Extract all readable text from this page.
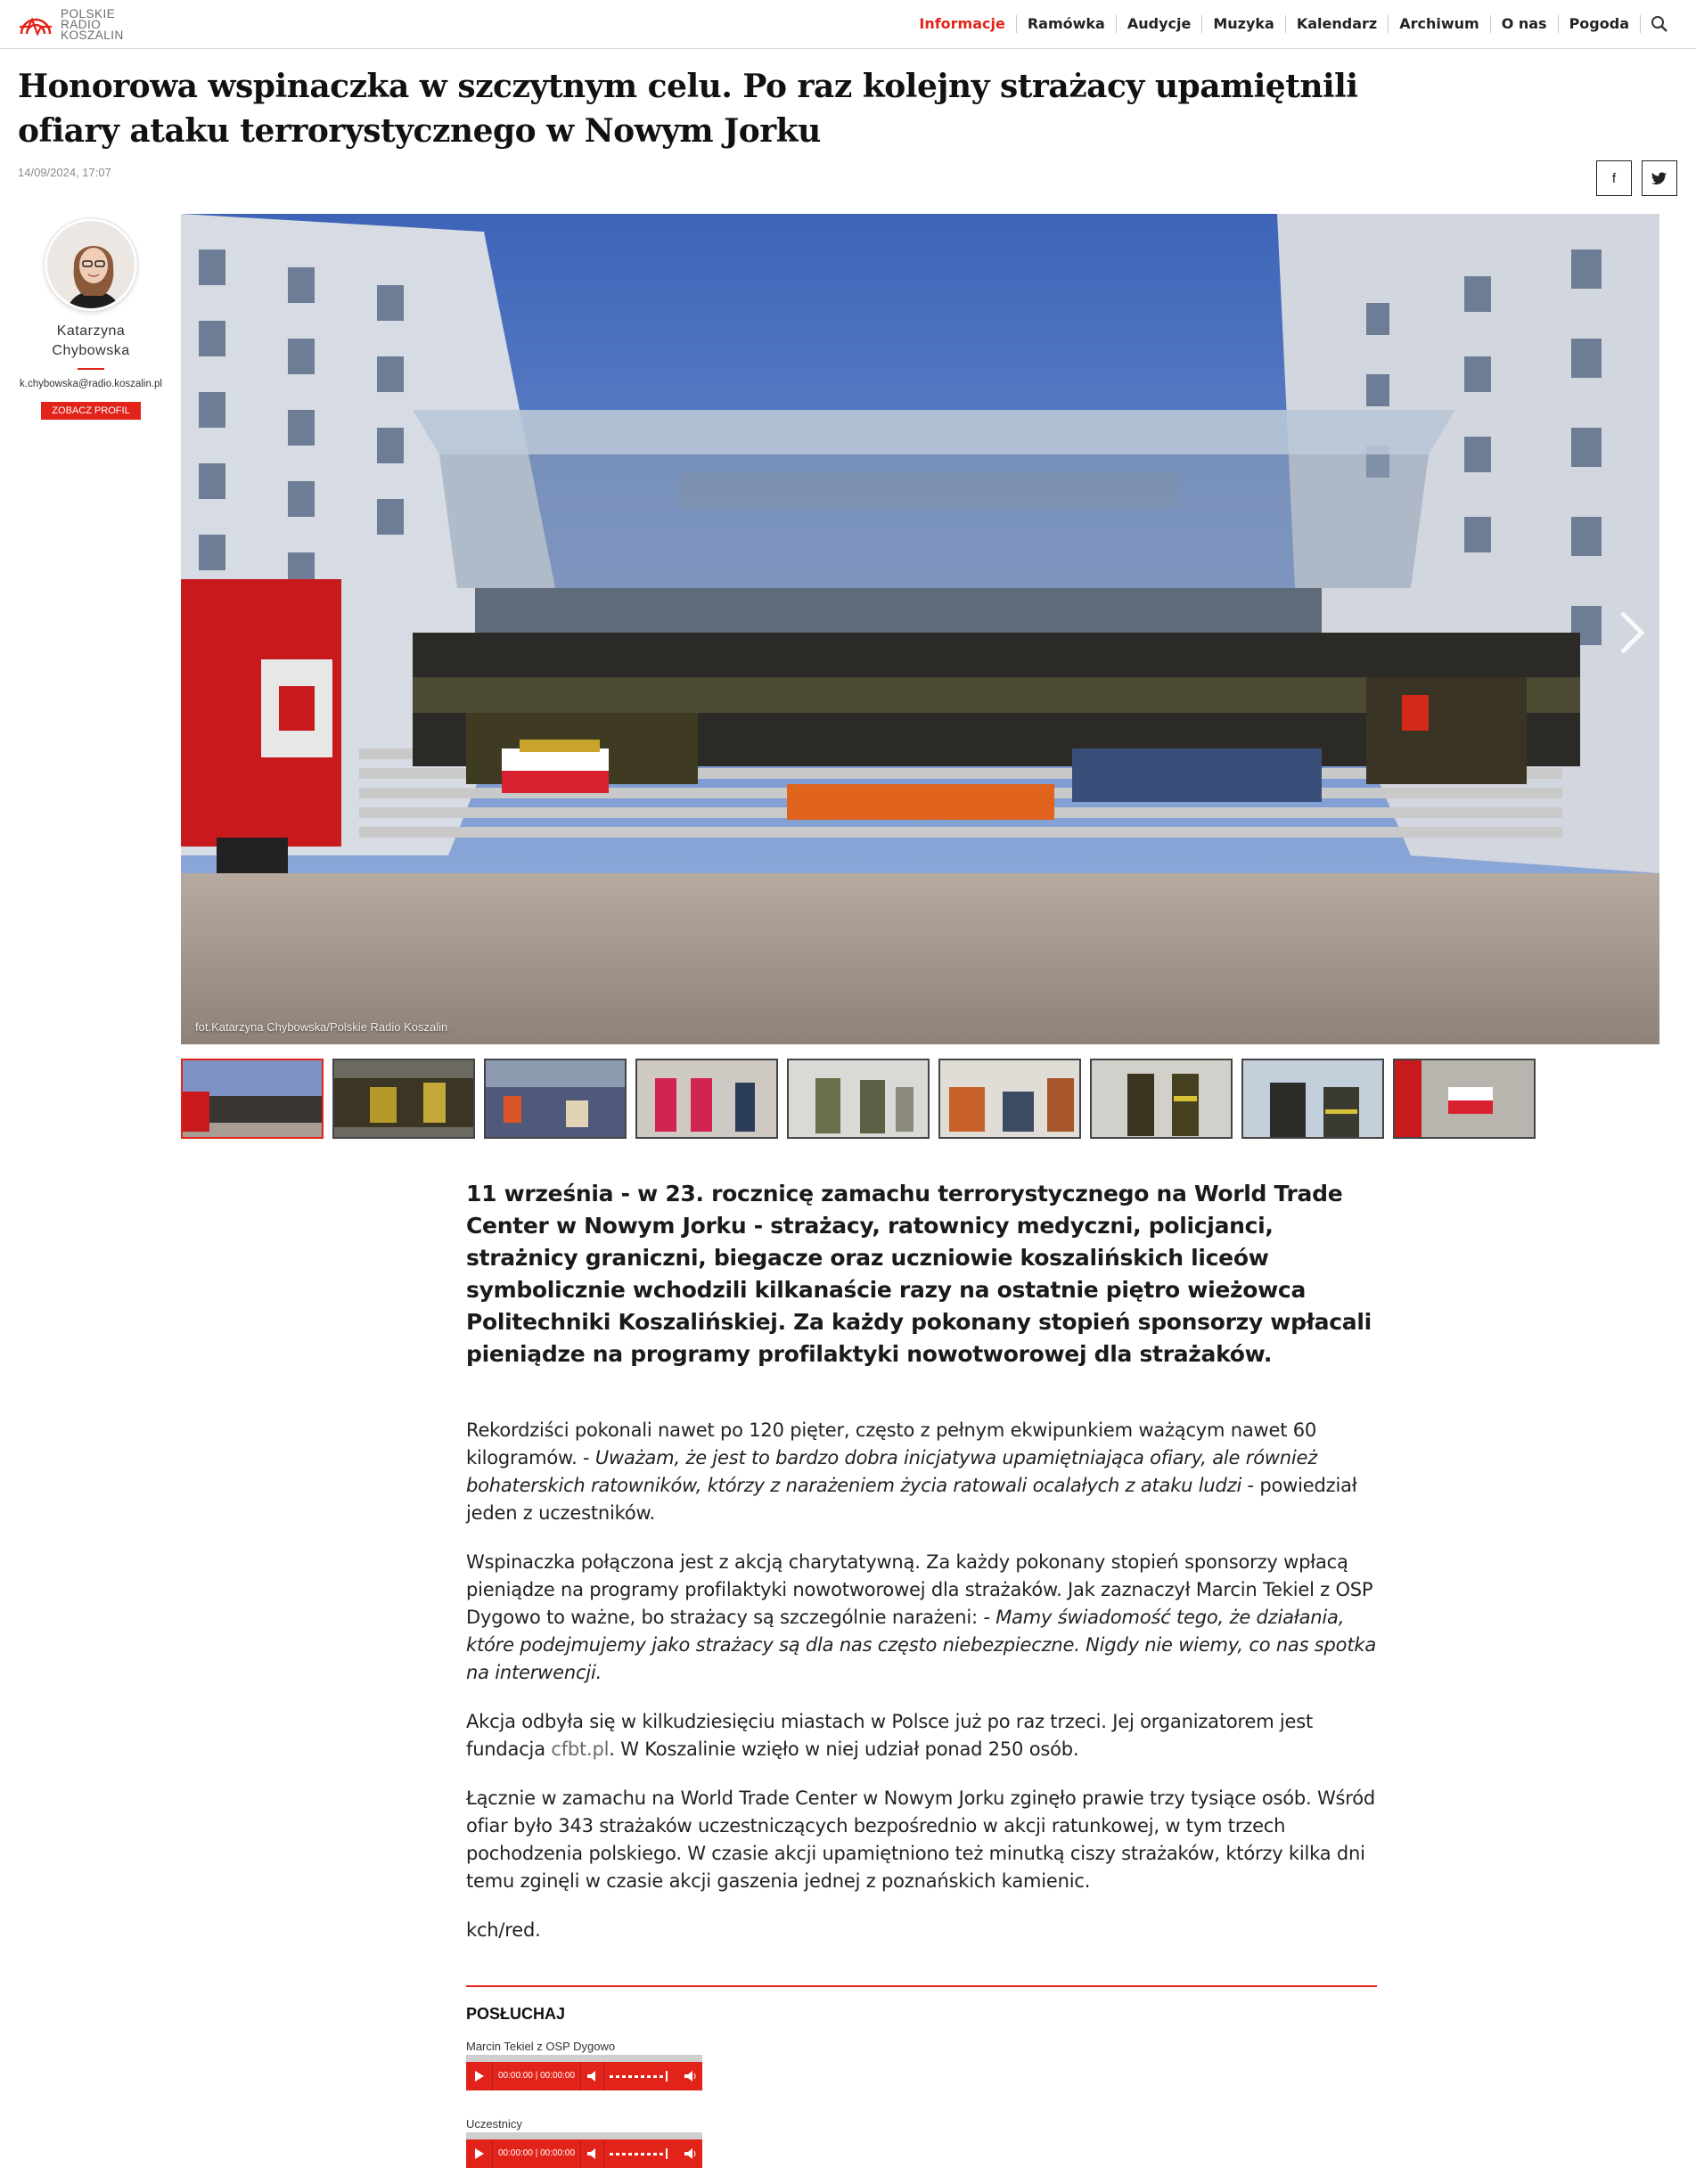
POLSKIE
RADIO
KOSZALIN
Informacje	Ramówka	Audycje	Muzyka	Kalendarz	Archiwum	O nas	Pogoda
Honorowa wspinaczka w szczytnym celu. Po raz kolejny strażacy upamiętnili ofiary ataku terrorystycznego w Nowym Jorku
14/09/2024, 17:07	f
Katarzyna
Chybowska
k.chybowska@radio.koszalin.pl
ZOBACZ PROFIL
fot.Katarzyna Chybowska/Polskie Radio Koszalin
11 września - w 23. rocznicę zamachu terrorystycznego na World Trade Center w Nowym Jorku - strażacy, ratownicy medyczni, policjanci, strażnicy graniczni, biegacze oraz uczniowie koszalińskich liceów symbolicznie wchodzili kilkanaście razy na ostatnie piętro wieżowca Politechniki Koszalińskiej. Za każdy pokonany stopień sponsorzy wpłacali pieniądze na programy profilaktyki nowotworowej dla strażaków.

Rekordziści pokonali nawet po 120 pięter, często z pełnym ekwipunkiem ważącym nawet 60 kilogramów. - Uważam, że jest to bardzo dobra inicjatywa upamiętniająca ofiary, ale również bohaterskich ratowników, którzy z narażeniem życia ratowali ocalałych z ataku ludzi - powiedział jeden z uczestników.

Wspinaczka połączona jest z akcją charytatywną. Za każdy pokonany stopień sponsorzy wpłacą pieniądze na programy profilaktyki nowotworowej dla strażaków. Jak zaznaczył Marcin Tekiel z OSP Dygowo to ważne, bo strażacy są szczególnie narażeni: - Mamy świadomość tego, że działania, które podejmujemy jako strażacy są dla nas często niebezpieczne. Nigdy nie wiemy, co nas spotka na interwencji.

Akcja odbyła się w kilkudziesięciu miastach w Polsce już po raz trzeci. Jej organizatorem jest fundacja cfbt.pl. W Koszalinie wzięło w niej udział ponad 250 osób.

Łącznie w zamachu na World Trade Center w Nowym Jorku zginęło prawie trzy tysiące osób. Wśród ofiar było 343 strażaków uczestniczących bezpośrednio w akcji ratunkowej, w tym trzech pochodzenia polskiego. W czasie akcji upamiętniono też minutką ciszy strażaków, którzy kilka dni temu zginęli w czasie akcji gaszenia jednej z poznańskich kamienic.

kch/red.

POSŁUCHAJ
Marcin Tekiel z OSP Dygowo
00:00:00 | 00:00:00
Uczestnicy
00:00:00 | 00:00:00
